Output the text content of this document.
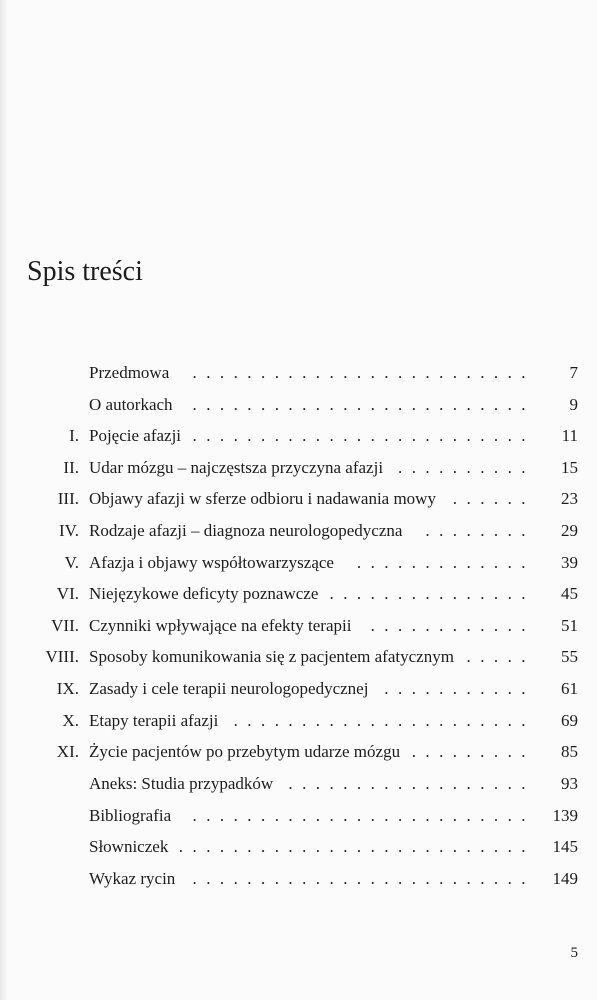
Spis treści
Przedmowa ......................... 7
O autorkach ......................... 9
I. Pojęcie afazji ......................... 11
II. Udar mózgu – najczęstsza przyczyna afazji .......... 15
III. Objawy afazji w sferze odbioru i nadawania mowy ...... 23
IV. Rodzaje afazji – diagnoza neurologopedyczna ........ 29
V. Afazja i objawy współtowarzyszące ............. 39
VI. Niejęzykowe deficyty poznawcze ............... 45
VII. Czynniki wpływające na efekty terapii ............ 51
VIII. Sposoby komunikowania się z pacjentem afatycznym ..... 55
IX. Zasady i cele terapii neurologopedycznej ........... 61
X. Etapy terapii afazji ...................... 69
XI. Życie pacjentów po przebytym udarze mózgu ......... 85
Aneks: Studia przypadków .................. 93
Bibliografia ......................... 139
Słowniczek .......................... 145
Wykaz rycin ......................... 149
5
